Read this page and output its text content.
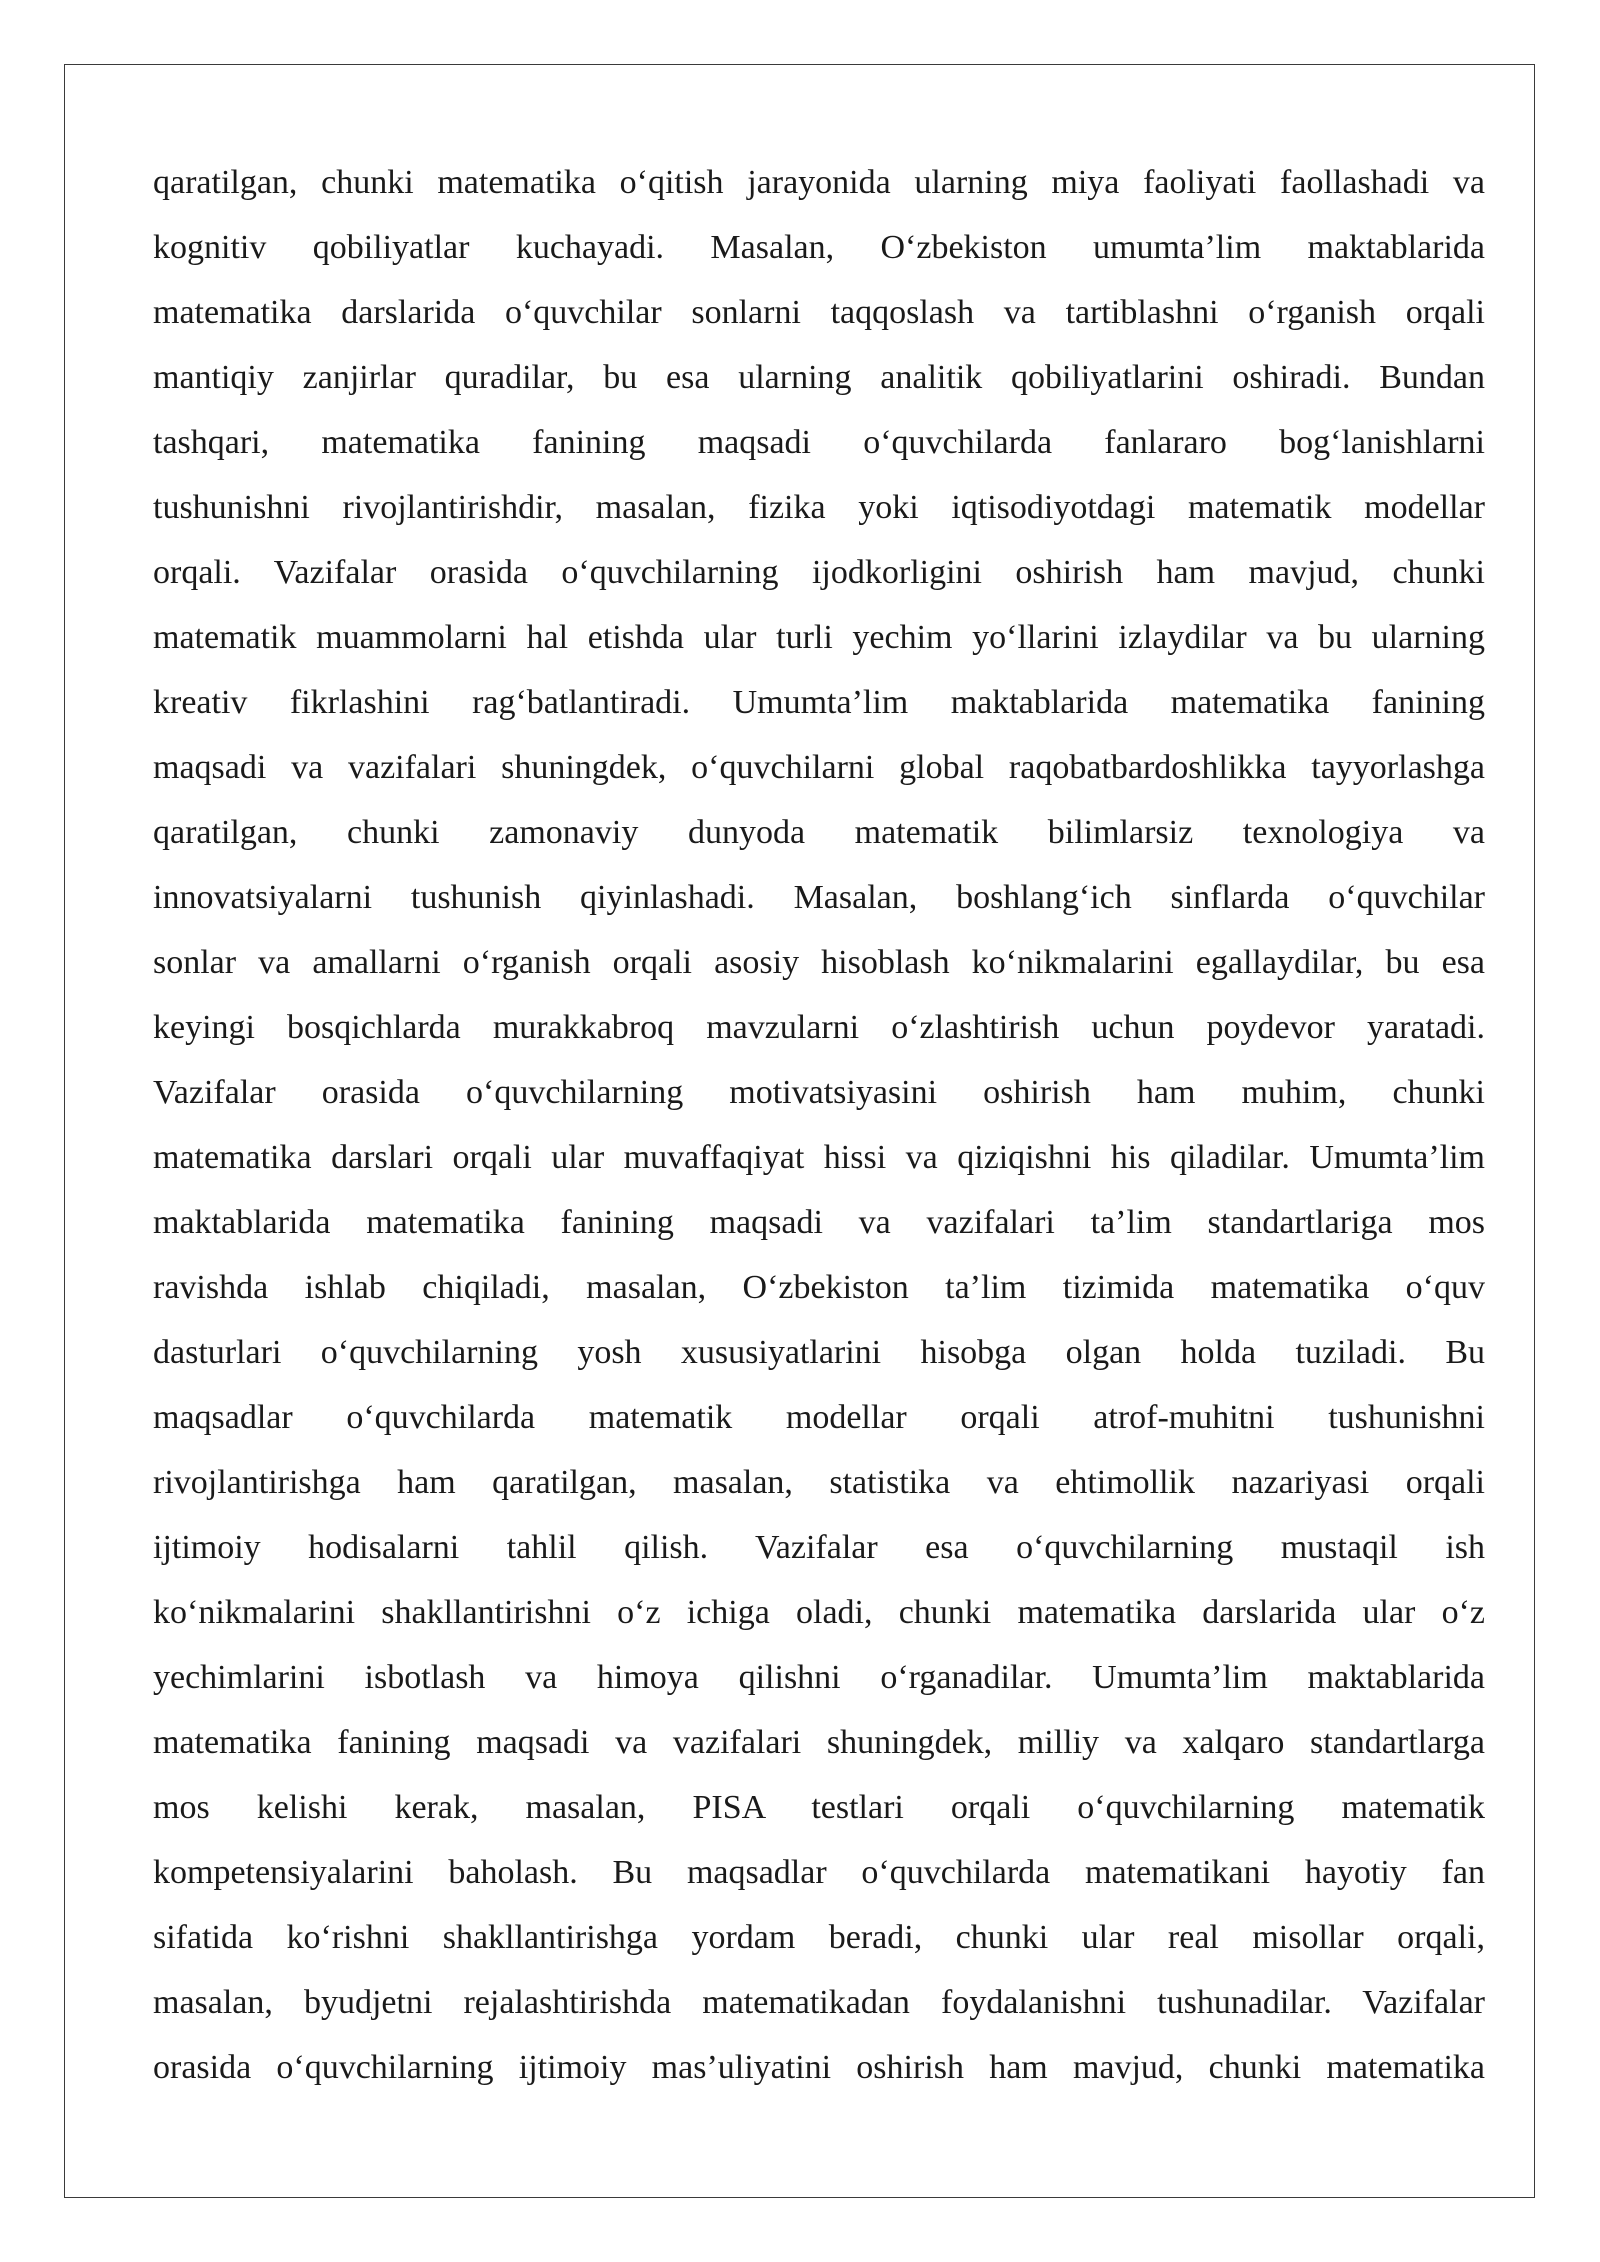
qaratilgan, chunki matematika o‘qitish jarayonida ularning miya faoliyati faollashadi va
kognitiv qobiliyatlar kuchayadi. Masalan, O‘zbekiston umumta’lim maktablarida
matematika darslarida o‘quvchilar sonlarni taqqoslash va tartiblashni o‘rganish orqali
mantiqiy zanjirlar quradilar, bu esa ularning analitik qobiliyatlarini oshiradi. Bundan
tashqari, matematika fanining maqsadi o‘quvchilarda fanlararo bog‘lanishlarni
tushunishni rivojlantirishdir, masalan, fizika yoki iqtisodiyotdagi matematik modellar
orqali. Vazifalar orasida o‘quvchilarning ijodkorligini oshirish ham mavjud, chunki
matematik muammolarni hal etishda ular turli yechim yo‘llarini izlaydilar va bu ularning
kreativ fikrlashini rag‘batlantiradi. Umumta’lim maktablarida matematika fanining
maqsadi va vazifalari shuningdek, o‘quvchilarni global raqobatbardoshlikka tayyorlashga
qaratilgan, chunki zamonaviy dunyoda matematik bilimlarsiz texnologiya va
innovatsiyalarni tushunish qiyinlashadi. Masalan, boshlang‘ich sinflarda o‘quvchilar
sonlar va amallarni o‘rganish orqali asosiy hisoblash ko‘nikmalarini egallaydilar, bu esa
keyingi bosqichlarda murakkabroq mavzularni o‘zlashtirish uchun poydevor yaratadi.
Vazifalar orasida o‘quvchilarning motivatsiyasini oshirish ham muhim, chunki
matematika darslari orqali ular muvaffaqiyat hissi va qiziqishni his qiladilar. Umumta’lim
maktablarida matematika fanining maqsadi va vazifalari ta’lim standartlariga mos
ravishda ishlab chiqiladi, masalan, O‘zbekiston ta’lim tizimida matematika o‘quv
dasturlari o‘quvchilarning yosh xususiyatlarini hisobga olgan holda tuziladi. Bu
maqsadlar o‘quvchilarda matematik modellar orqali atrof-muhitni tushunishni
rivojlantirishga ham qaratilgan, masalan, statistika va ehtimollik nazariyasi orqali
ijtimoiy hodisalarni tahlil qilish. Vazifalar esa o‘quvchilarning mustaqil ish
ko‘nikmalarini shakllantirishni o‘z ichiga oladi, chunki matematika darslarida ular o‘z
yechimlarini isbotlash va himoya qilishni o‘rganadilar. Umumta’lim maktablarida
matematika fanining maqsadi va vazifalari shuningdek, milliy va xalqaro standartlarga
mos kelishi kerak, masalan, PISA testlari orqali o‘quvchilarning matematik
kompetensiyalarini baholash. Bu maqsadlar o‘quvchilarda matematikani hayotiy fan
sifatida ko‘rishni shakllantirishga yordam beradi, chunki ular real misollar orqali,
masalan, byudjetni rejalashtirishda matematikadan foydalanishni tushunadilar. Vazifalar
orasida o‘quvchilarning ijtimoiy mas’uliyatini oshirish ham mavjud, chunki matematika
